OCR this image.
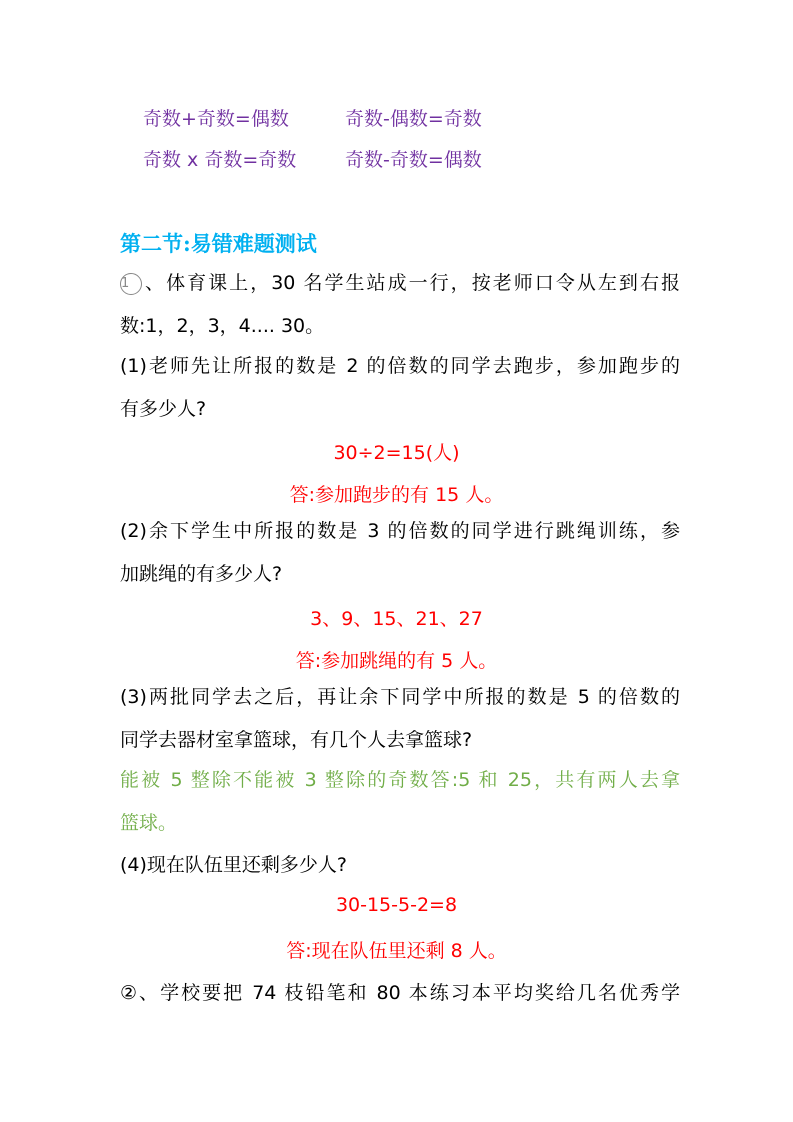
奇数+奇数=偶数	奇数-偶数=奇数
奇数 x 奇数=奇数	奇数-奇数=偶数
第二节:易错难题测试
1 、体育课上，30 名学生站成一行，按老师口令从左到右报
数:1，2，3，4.... 30。
(1)老师先让所报的数是 2 的倍数的同学去跑步，参加跑步的
有多少人?
30÷2=15(人)
答:参加跑步的有 15 人。
(2)余下学生中所报的数是 3 的倍数的同学进行跳绳训练，参
加跳绳的有多少人?
3、9、15、21、27
答:参加跳绳的有 5 人。
(3)两批同学去之后，再让余下同学中所报的数是 5 的倍数的
同学去器材室拿篮球，有几个人去拿篮球?
能被 5 整除不能被 3 整除的奇数答:5 和 25，共有两人去拿
篮球。
(4)现在队伍里还剩多少人?
30-15-5-2=8
答:现在队伍里还剩 8 人。
②、学校要把 74 枝铅笔和 80 本练习本平均奖给几名优秀学
